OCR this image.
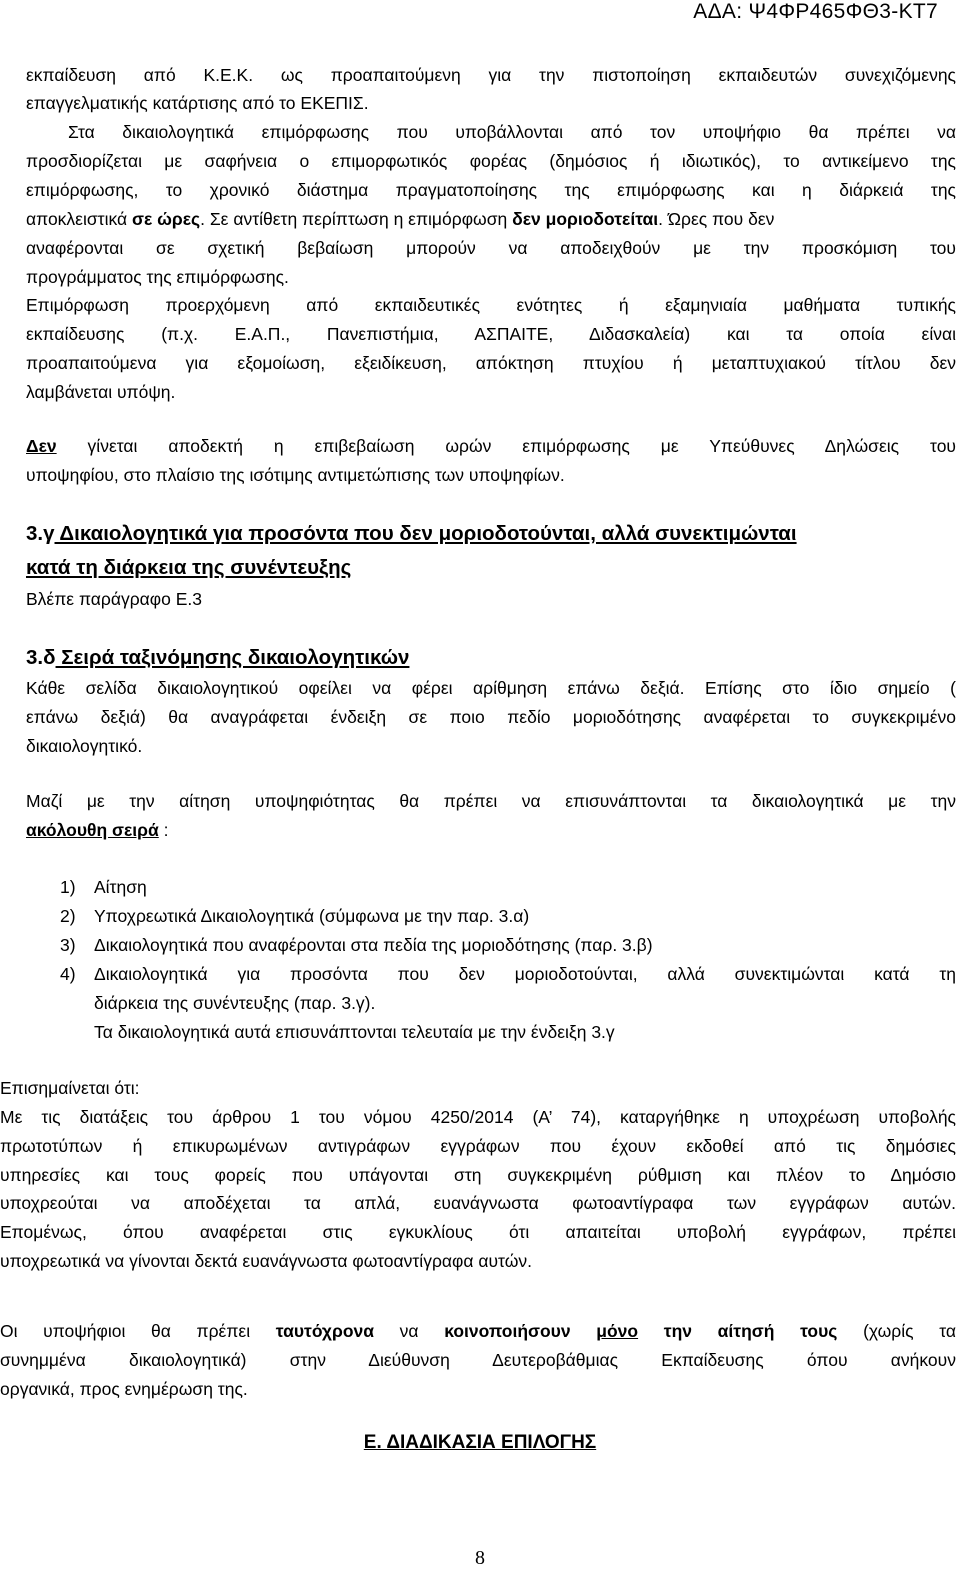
ΑΔΑ: Ψ4ΦΡ465ΦΘ3-ΚΤ7
εκπαίδευση από Κ.Ε.Κ. ως προαπαιτούμενη για την πιστοποίηση εκπαιδευτών συνεχιζόμενης
επαγγελματικής κατάρτισης από το ΕΚΕΠΙΣ.
Στα δικαιολογητικά επιμόρφωσης που υποβάλλονται από τον υποψήφιο θα πρέπει να
προσδιορίζεται με σαφήνεια ο επιμορφωτικός φορέας (δημόσιος ή ιδιωτικός), το αντικείμενο της
επιμόρφωσης, το χρονικό διάστημα πραγματοποίησης της επιμόρφωσης και η διάρκειά της
αποκλειστικά σε ώρες. Σε αντίθετη περίπτωση η επιμόρφωση δεν μοριοδοτείται. Ώρες που δεν
αναφέρονται σε σχετική βεβαίωση μπορούν να αποδειχθούν με την προσκόμιση του
προγράμματος της επιμόρφωσης.
Επιμόρφωση προερχόμενη από εκπαιδευτικές ενότητες ή εξαμηνιαία μαθήματα τυπικής
εκπαίδευσης (π.χ. Ε.Α.Π., Πανεπιστήμια, ΑΣΠΑΙΤΕ, Διδασκαλεία) και τα οποία είναι
προαπαιτούμενα για εξομοίωση, εξειδίκευση, απόκτηση πτυχίου ή μεταπτυχιακού τίτλου δεν
λαμβάνεται υπόψη.
Δεν γίνεται αποδεκτή η επιβεβαίωση ωρών επιμόρφωσης με Υπεύθυνες Δηλώσεις του
υποψηφίου, στο πλαίσιο της ισότιμης αντιμετώπισης των υποψηφίων.
3.γ Δικαιολογητικά για προσόντα που δεν μοριοδοτούνται, αλλά συνεκτιμώνται
κατά τη διάρκεια της συνέντευξης
Βλέπε παράγραφο Ε.3
3.δ Σειρά ταξινόμησης δικαιολογητικών
Κάθε σελίδα δικαιολογητικού οφείλει να φέρει αρίθμηση επάνω δεξιά. Επίσης στο ίδιο σημείο (
επάνω δεξιά) θα αναγράφεται ένδειξη σε ποιο πεδίο μοριοδότησης αναφέρεται το συγκεκριμένο
δικαιολογητικό.
Μαζί με την αίτηση υποψηφιότητας θα πρέπει να επισυνάπτονται τα δικαιολογητικά με την
ακόλουθη σειρά :
1) Αίτηση
2) Υποχρεωτικά Δικαιολογητικά (σύμφωνα με την παρ. 3.α)
3) Δικαιολογητικά που αναφέρονται στα πεδία της μοριοδότησης (παρ. 3.β)
4) Δικαιολογητικά για προσόντα που δεν μοριοδοτούνται, αλλά συνεκτιμώνται κατά τη
διάρκεια της συνέντευξης (παρ. 3.γ).
Τα δικαιολογητικά αυτά επισυνάπτονται τελευταία με την ένδειξη 3.γ
Επισημαίνεται ότι:
Με τις διατάξεις του άρθρου 1 του νόμου 4250/2014 (Α’ 74), καταργήθηκε η υποχρέωση υποβολής
πρωτοτύπων ή επικυρωμένων αντιγράφων εγγράφων που έχουν εκδοθεί από τις δημόσιες
υπηρεσίες και τους φορείς που υπάγονται στη συγκεκριμένη ρύθμιση και πλέον το Δημόσιο
υποχρεούται να αποδέχεται τα απλά, ευανάγνωστα φωτοαντίγραφα των εγγράφων αυτών.
Επομένως, όπου αναφέρεται στις εγκυκλίους ότι απαιτείται υποβολή εγγράφων, πρέπει
υποχρεωτικά να γίνονται δεκτά ευανάγνωστα φωτοαντίγραφα αυτών.
Οι υποψήφιοι θα πρέπει ταυτόχρονα να κοινοποιήσουν μόνο την αίτησή τους (χωρίς τα
συνημμένα δικαιολογητικά) στην Διεύθυνση Δευτεροβάθμιας Εκπαίδευσης όπου ανήκουν
οργανικά, προς ενημέρωση της.
Ε. ΔΙΑΔΙΚΑΣΙΑ ΕΠΙΛΟΓΗΣ
8
